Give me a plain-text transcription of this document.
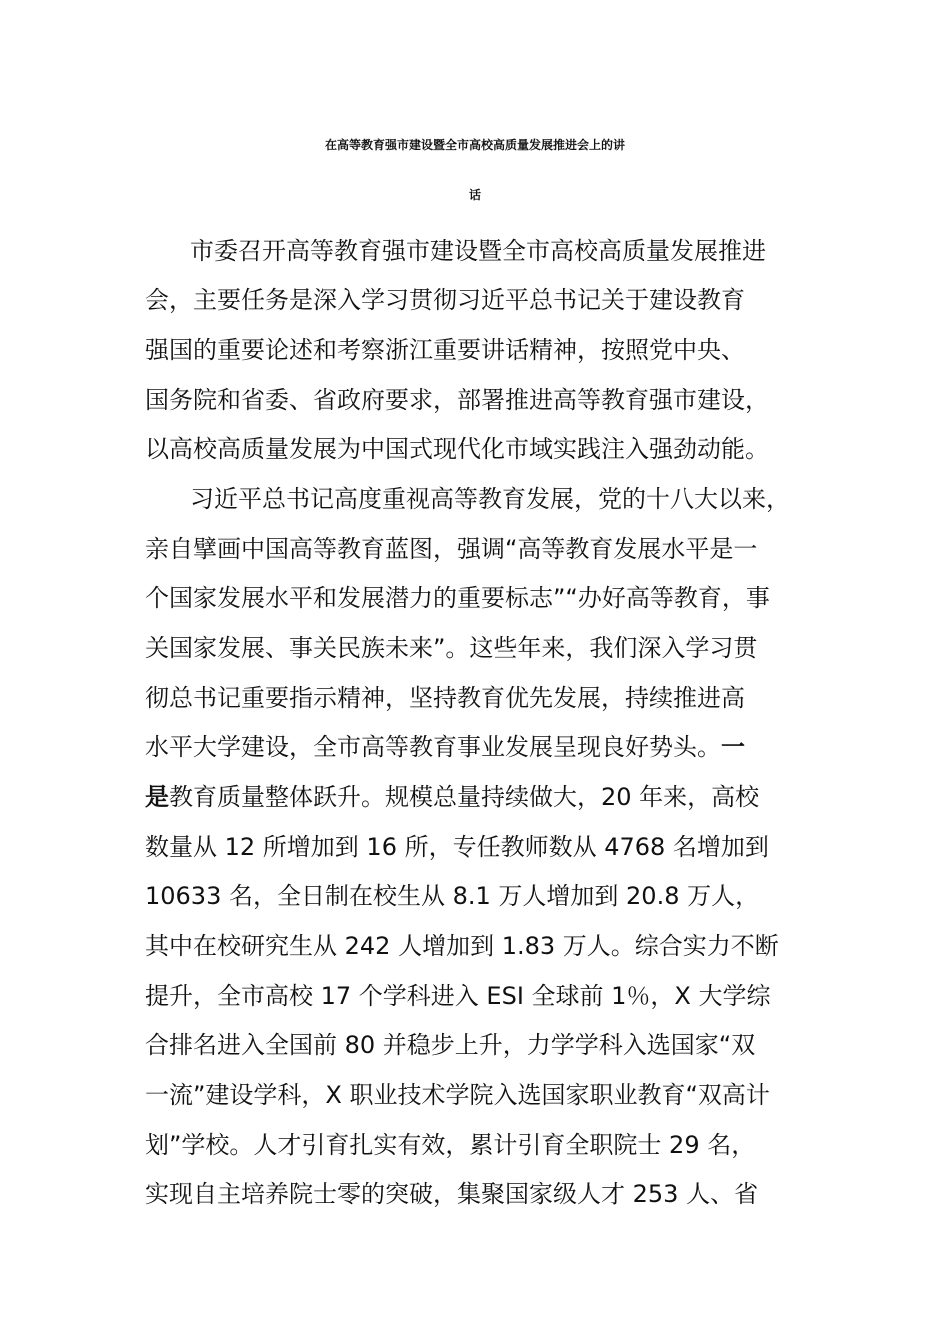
在高等教育强市建设暨全市高校高质量发展推进会上的讲
话
市委召开高等教育强市建设暨全市高校高质量发展推进
会，主要任务是深入学习贯彻习近平总书记关于建设教育
强国的重要论述和考察浙江重要讲话精神，按照党中央、
国务院和省委、省政府要求，部署推进高等教育强市建设，
以高校高质量发展为中国式现代化市域实践注入强劲动能。
习近平总书记高度重视高等教育发展，党的十八大以来，
亲自擘画中国高等教育蓝图，强调“高等教育发展水平是一
个国家发展水平和发展潜力的重要标志”“办好高等教育，事
关国家发展、事关民族未来”。这些年来，我们深入学习贯
彻总书记重要指示精神，坚持教育优先发展，持续推进高
水平大学建设，全市高等教育事业发展呈现良好势头。一
是教育质量整体跃升。规模总量持续做大，20 年来，高校
数量从 12 所增加到 16 所，专任教师数从 4768 名增加到
10633 名，全日制在校生从 8.1 万人增加到 20.8 万人，
其中在校研究生从 242 人增加到 1.83 万人。综合实力不断
提升，全市高校 17 个学科进入 ESI 全球前 1％，X 大学综
合排名进入全国前 80 并稳步上升，力学学科入选国家“双
一流”建设学科，X 职业技术学院入选国家职业教育“双高计
划”学校。人才引育扎实有效，累计引育全职院士 29 名，
实现自主培养院士零的突破，集聚国家级人才 253 人、省
